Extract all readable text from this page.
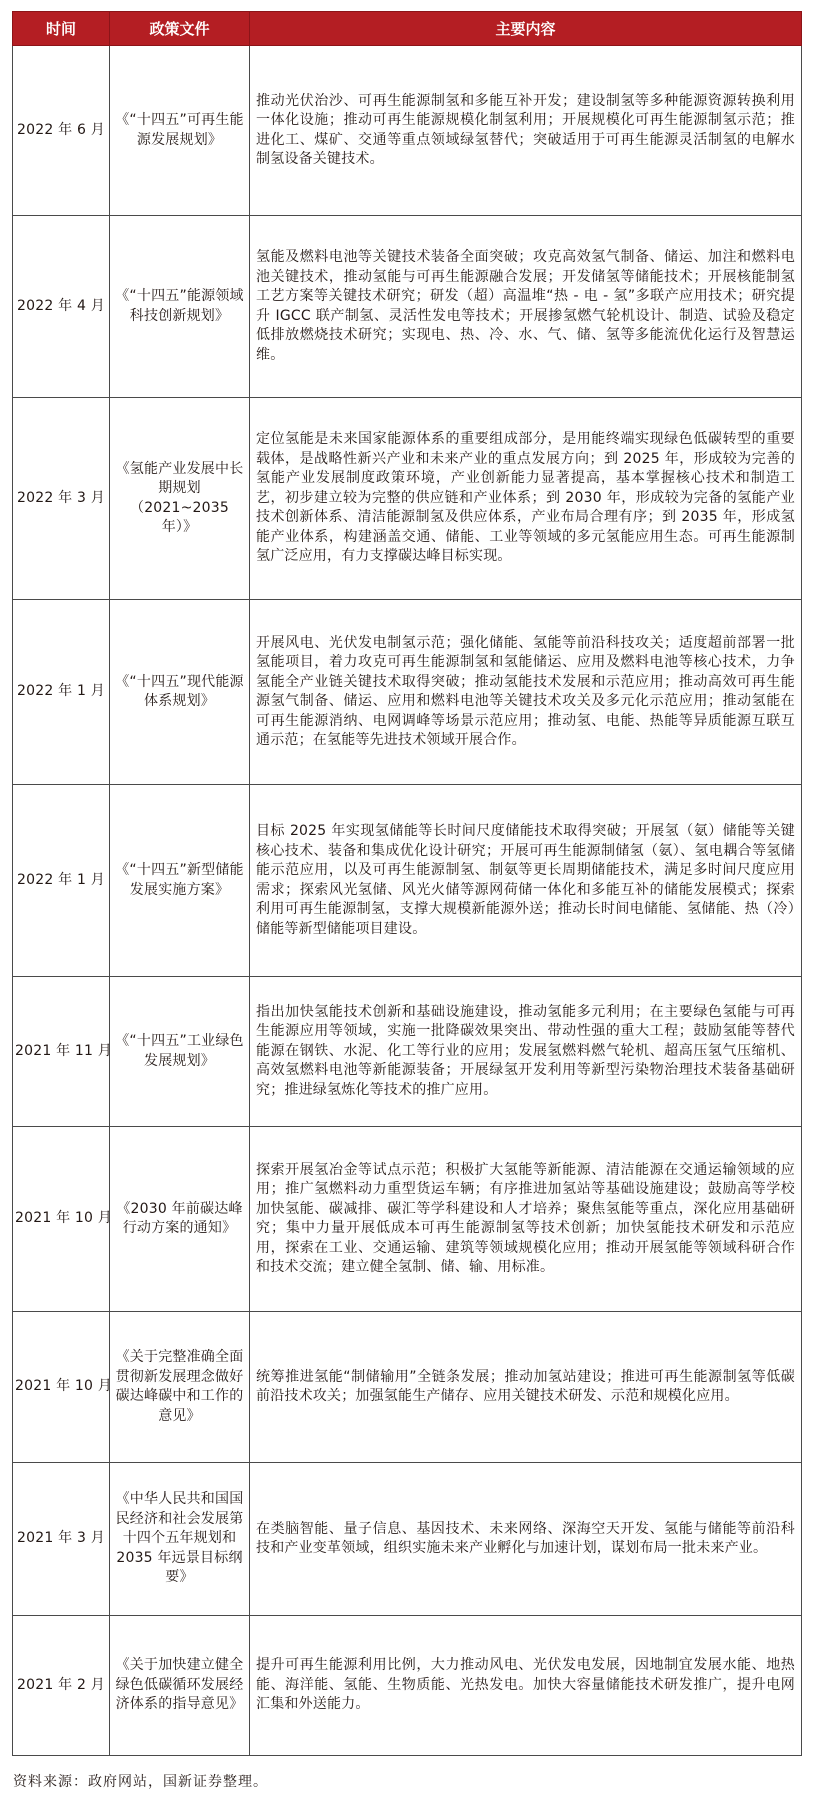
时间	政策文件	主要内容
2022 年 6 月	《“十四五”可再生能源发展规划》	推动光伏治沙、可再生能源制氢和多能互补开发；建设制氢等多种能源资源转换利用一体化设施；推动可再生能源规模化制氢利用；开展规模化可再生能源制氢示范；推进化工、煤矿、交通等重点领域绿氢替代；突破适用于可再生能源灵活制氢的电解水制氢设备关键技术。
2022 年 4 月	《“十四五”能源领域科技创新规划》	氢能及燃料电池等关键技术装备全面突破；攻克高效氢气制备、储运、加注和燃料电池关键技术，推动氢能与可再生能源融合发展；开发储氢等储能技术；开展核能制氢工艺方案等关键技术研究；研发（超）高温堆“热 - 电 - 氢”多联产应用技术；研究提升 IGCC 联产制氢、灵活性发电等技术；开展掺氢燃气轮机设计、制造、试验及稳定低排放燃烧技术研究；实现电、热、冷、水、气、储、氢等多能流优化运行及智慧运维。
2022 年 3 月	《氢能产业发展中长期规划（2021~2035 年）》	定位氢能是未来国家能源体系的重要组成部分，是用能终端实现绿色低碳转型的重要载体，是战略性新兴产业和未来产业的重点发展方向；到 2025 年，形成较为完善的氢能产业发展制度政策环境，产业创新能力显著提高，基本掌握核心技术和制造工艺，初步建立较为完整的供应链和产业体系；到 2030 年，形成较为完备的氢能产业技术创新体系、清洁能源制氢及供应体系，产业布局合理有序；到 2035 年，形成氢能产业体系，构建涵盖交通、储能、工业等领域的多元氢能应用生态。可再生能源制氢广泛应用，有力支撑碳达峰目标实现。
2022 年 1 月	《“十四五”现代能源体系规划》	开展风电、光伏发电制氢示范；强化储能、氢能等前沿科技攻关；适度超前部署一批氢能项目，着力攻克可再生能源制氢和氢能储运、应用及燃料电池等核心技术，力争氢能全产业链关键技术取得突破；推动氢能技术发展和示范应用；推动高效可再生能源氢气制备、储运、应用和燃料电池等关键技术攻关及多元化示范应用；推动氢能在可再生能源消纳、电网调峰等场景示范应用；推动氢、电能、热能等异质能源互联互通示范；在氢能等先进技术领域开展合作。
2022 年 1 月	《“十四五”新型储能发展实施方案》	目标 2025 年实现氢储能等长时间尺度储能技术取得突破；开展氢（氨）储能等关键核心技术、装备和集成优化设计研究；开展可再生能源制储氢（氨）、氢电耦合等氢储能示范应用，以及可再生能源制氢、制氨等更长周期储能技术，满足多时间尺度应用需求；探索风光氢储、风光火储等源网荷储一体化和多能互补的储能发展模式；探索利用可再生能源制氢，支撑大规模新能源外送；推动长时间电储能、氢储能、热（冷）储能等新型储能项目建设。
2021 年 11 月	《“十四五”工业绿色发展规划》	指出加快氢能技术创新和基础设施建设，推动氢能多元利用；在主要绿色氢能与可再生能源应用等领域，实施一批降碳效果突出、带动性强的重大工程；鼓励氢能等替代能源在钢铁、水泥、化工等行业的应用；发展氢燃料燃气轮机、超高压氢气压缩机、高效氢燃料电池等新能源装备；开展绿氢开发利用等新型污染物治理技术装备基础研究；推进绿氢炼化等技术的推广应用。
2021 年 10 月	《2030 年前碳达峰行动方案的通知》	探索开展氢冶金等试点示范；积极扩大氢能等新能源、清洁能源在交通运输领域的应用；推广氢燃料动力重型货运车辆；有序推进加氢站等基础设施建设；鼓励高等学校加快氢能、碳减排、碳汇等学科建设和人才培养；聚焦氢能等重点，深化应用基础研究；集中力量开展低成本可再生能源制氢等技术创新；加快氢能技术研发和示范应用，探索在工业、交通运输、建筑等领域规模化应用；推动开展氢能等领域科研合作和技术交流；建立健全氢制、储、输、用标准。
2021 年 10 月	《关于完整准确全面贯彻新发展理念做好碳达峰碳中和工作的意见》	统筹推进氢能“制储输用”全链条发展；推动加氢站建设；推进可再生能源制氢等低碳前沿技术攻关；加强氢能生产储存、应用关键技术研发、示范和规模化应用。
2021 年 3 月	《中华人民共和国国民经济和社会发展第十四个五年规划和 2035 年远景目标纲要》	在类脑智能、量子信息、基因技术、未来网络、深海空天开发、氢能与储能等前沿科技和产业变革领域，组织实施未来产业孵化与加速计划，谋划布局一批未来产业。
2021 年 2 月	《关于加快建立健全绿色低碳循环发展经济体系的指导意见》	提升可再生能源利用比例，大力推动风电、光伏发电发展，因地制宜发展水能、地热能、海洋能、氢能、生物质能、光热发电。加快大容量储能技术研发推广，提升电网汇集和外送能力。
资料来源：政府网站，国新证券整理。
